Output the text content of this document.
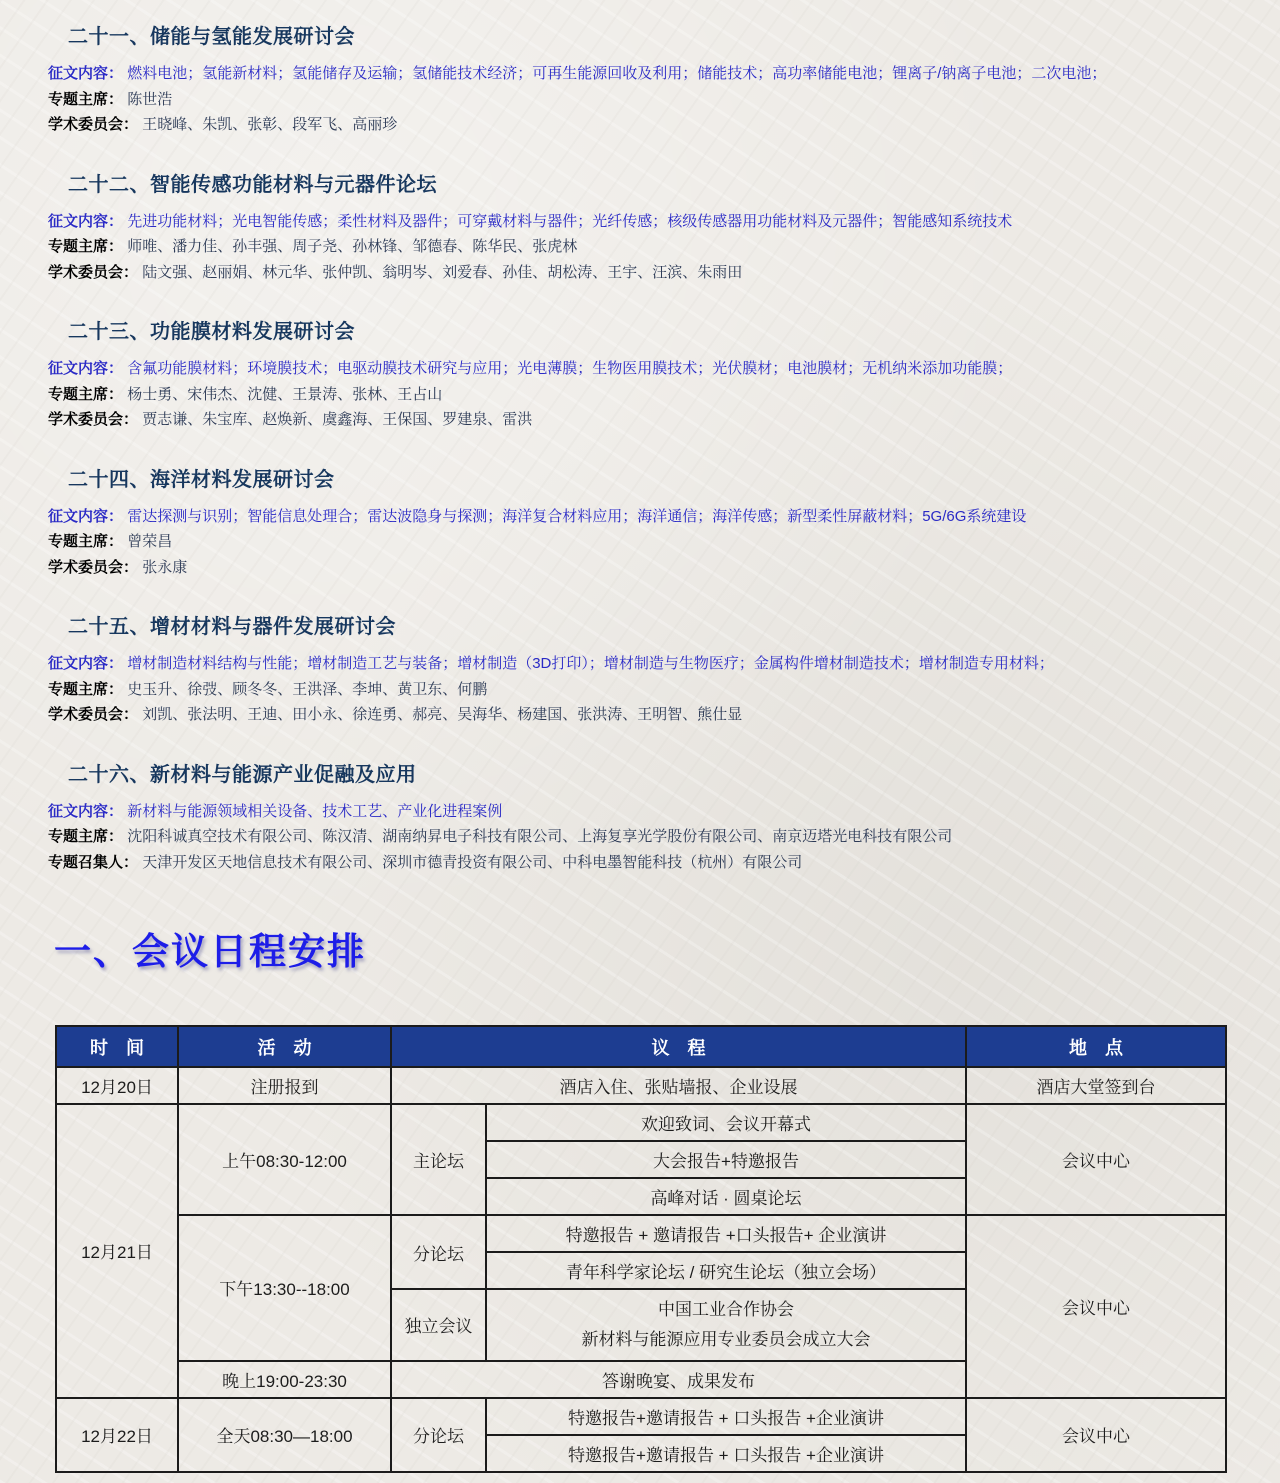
二十一、储能与氢能发展研讨会

征文内容： 燃料电池；氢能新材料；氢能储存及运输；氢储能技术经济；可再生能源回收及利用；储能技术；高功率储能电池；锂离子/钠离子电池；二次电池；

专题主席： 陈世浩

学术委员会： 王晓峰、朱凯、张彰、段军飞、高丽珍

二十二、智能传感功能材料与元器件论坛

征文内容： 先进功能材料；光电智能传感；柔性材料及器件；可穿戴材料与器件；光纤传感；核级传感器用功能材料及元器件；智能感知系统技术

专题主席： 师唯、潘力佳、孙丰强、周子尧、孙林锋、邹德春、陈华民、张虎林

学术委员会： 陆文强、赵丽娟、林元华、张仲凯、翁明岑、刘爱春、孙佳、胡松涛、王宇、汪滨、朱雨田

二十三、功能膜材料发展研讨会

征文内容： 含氟功能膜材料；环境膜技术；电驱动膜技术研究与应用；光电薄膜；生物医用膜技术；光伏膜材；电池膜材；无机纳米添加功能膜；

专题主席： 杨士勇、宋伟杰、沈健、王景涛、张林、王占山

学术委员会： 贾志谦、朱宝库、赵焕新、虞鑫海、王保国、罗建泉、雷洪

二十四、海洋材料发展研讨会

征文内容： 雷达探测与识别；智能信息处理合；雷达波隐身与探测；海洋复合材料应用；海洋通信；海洋传感；新型柔性屏蔽材料；5G/6G系统建设

专题主席： 曾荣昌

学术委员会： 张永康

二十五、增材材料与器件发展研讨会

征文内容： 增材制造材料结构与性能；增材制造工艺与装备；增材制造（3D打印）；增材制造与生物医疗；金属构件增材制造技术；增材制造专用材料；

专题主席： 史玉升、徐弢、顾冬冬、王洪泽、李坤、黄卫东、何鹏

学术委员会： 刘凯、张法明、王迪、田小永、徐连勇、郝亮、吴海华、杨建国、张洪涛、王明智、熊仕显

二十六、新材料与能源产业促融及应用

征文内容： 新材料与能源领域相关设备、技术工艺、产业化进程案例

专题主席： 沈阳科诚真空技术有限公司、陈汉清、湖南纳昇电子科技有限公司、上海复享光学股份有限公司、南京迈塔光电科技有限公司

专题召集人： 天津开发区天地信息技术有限公司、深圳市德青投资有限公司、中科电墨智能科技（杭州）有限公司

一、会议日程安排
时　间	活　动	议　程		地　点
12月20日	注册报到	酒店入住、张贴墙报、企业设展		酒店大堂签到台
12月21日	上午08:30-12:00	主论坛	欢迎致词、会议开幕式	会议中心
			大会报告+特邀报告	
			高峰对话 · 圆桌论坛	
	下午13:30--18:00	分论坛	特邀报告 + 邀请报告 +口头报告+ 企业演讲	会议中心
			青年科学家论坛 / 研究生论坛（独立会场）	
		独立会议	中国工业合作协会
新材料与能源应用专业委员会成立大会	

	晚上19:00-23:30	答谢晚宴、成果发布		
12月22日	全天08:30—18:00	分论坛	特邀报告+邀请报告 + 口头报告 +企业演讲	会议中心
			特邀报告+邀请报告 + 口头报告 +企业演讲	
